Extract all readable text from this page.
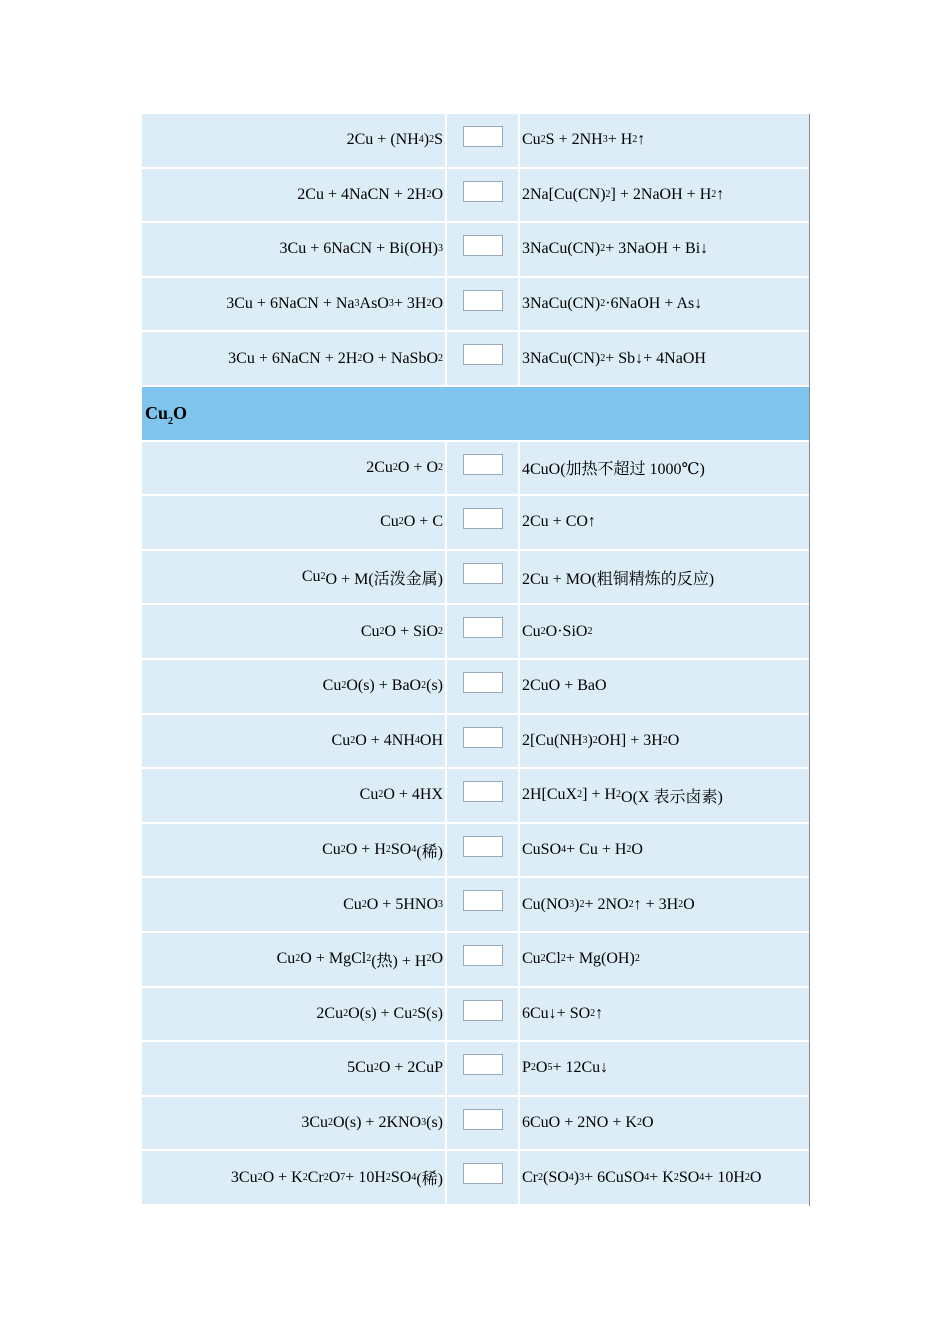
2Cu + (NH 4 ) 2 S	Cu 2 S + 2NH 3 + H 2 ↑
2Cu + 4NaCN + 2H 2 O	2Na[Cu(CN) 2 ] + 2NaOH + H 2 ↑
3Cu + 6NaCN + Bi(OH) 3	3NaCu(CN) 2 + 3NaOH + Bi↓
3Cu + 6NaCN + Na 3 AsO 3 + 3H 2 O	3NaCu(CN) 2 ·6NaOH + As↓
3Cu + 6NaCN + 2H 2 O + NaSbO 2	3NaCu(CN) 2 + Sb↓+ 4NaOH
$Cu_2O$
2Cu 2 O + O 2	4CuO(加热不超过 1000℃)
Cu 2 O + C	2Cu + CO↑
Cu 2 O + M(活泼金属)	2Cu + MO(粗铜精炼的反应)
Cu 2 O + SiO 2	Cu 2 O·SiO 2
Cu 2 O(s) + BaO 2 (s)	2CuO + BaO
Cu 2 O + 4NH 4 OH	2[Cu(NH 3 ) 2 OH] + 3H 2 O
Cu 2 O + 4HX	2H[CuX 2 ] + H 2 O(X 表示卤素)
Cu 2 O + H 2 SO 4 (稀)	CuSO 4 + Cu + H 2 O
Cu 2 O + 5HNO 3	Cu(NO 3 ) 2 + 2NO 2 ↑ + 3H 2 O
Cu 2 O + MgCl 2 (热) + H 2 O	Cu 2 Cl 2 + Mg(OH) 2
2Cu 2 O(s) + Cu 2 S(s)	6Cu↓+ SO 2 ↑
5Cu 2 O + 2CuP	P 2 O 5 + 12Cu↓
3Cu 2 O(s) + 2KNO 3 (s)	6CuO + 2NO + K 2 O
3Cu 2 O + K 2 Cr 2 O 7 + 10H 2 SO 4 (稀)	Cr 2 (SO 4 ) 3 + 6CuSO 4 + K 2 SO 4 + 10H 2 O
